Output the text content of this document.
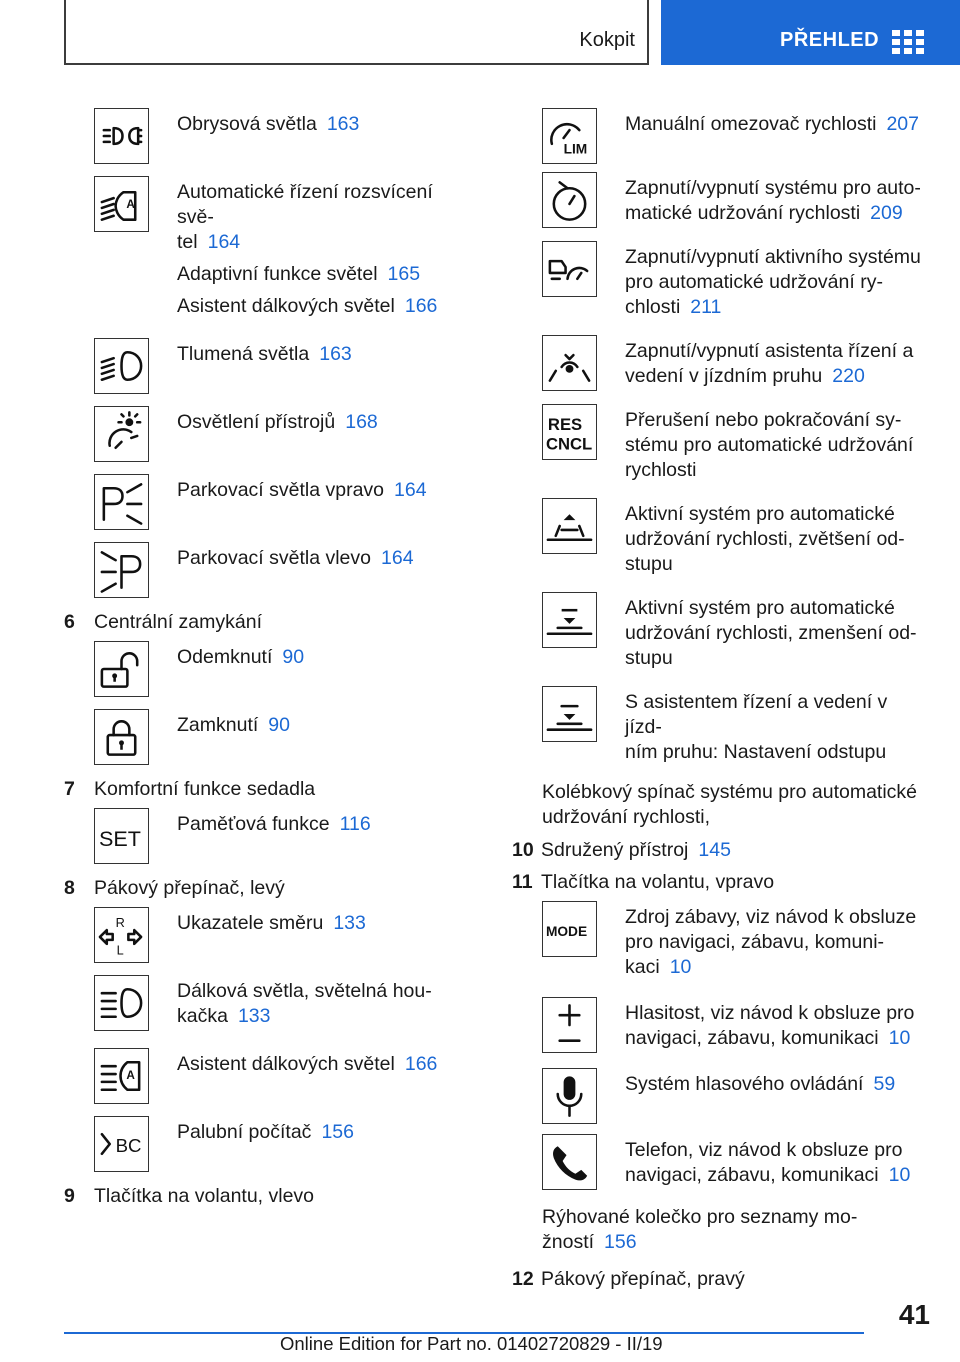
Kokpit	PŘEHLED

Obrysová světla 163

A

Automatické řízení rozsvícení svě-
tel 164

Adaptivní funkce světel 165

Asistent dálkových světel 166

Tlumená světla 163

Osvětlení přístrojů 168

Parkovací světla vpravo 164

Parkovací světla vlevo 164

6 Centrální zamykání

Odemknutí 90

Zamknutí 90

7 Komfortní funkce sedadla
SET

Paměťová funkce 116

8 Pákový přepínač, levý
R
L

Ukazatele směru 133

Dálková světla, světelná hou-
kačka 133

A

Asistent dálkových světel 166

BC

Palubní počítač 156

9 Tlačítka na volantu, vlevo
LIM

Manuální omezovač rychlosti 207

Zapnutí/vypnutí systému pro auto-
matické udržování rychlosti 209

Zapnutí/vypnutí aktivního systému
pro automatické udržování ry-
chlosti 211

Zapnutí/vypnutí asistenta řízení a
vedení v jízdním pruhu 220

RES
CNCL

Přerušení nebo pokračování sy-
stému pro automatické udržování
rychlosti

Aktivní systém pro automatické
udržování rychlosti, zvětšení od-
stupu

Aktivní systém pro automatické
udržování rychlosti, zmenšení od-
stupu

S asistentem řízení a vedení v jízd-
ním pruhu: Nastavení odstupu

Kolébkový spínač systému pro automatické
udržování rychlosti,
10 Sdružený přístroj 145
11 Tlačítka na volantu, vpravo
MODE

Zdroj zábavy, viz návod k obsluze
pro navigaci, zábavu, komuni-
kaci 10

Hlasitost, viz návod k obsluze pro
navigaci, zábavu, komunikaci 10

Systém hlasového ovládání 59

Telefon, viz návod k obsluze pro
navigaci, zábavu, komunikaci 10

Rýhované kolečko pro seznamy mo-
žností 156
12 Pákový přepínač, pravý
41
Online Edition for Part no. 01402720829 - II/19
